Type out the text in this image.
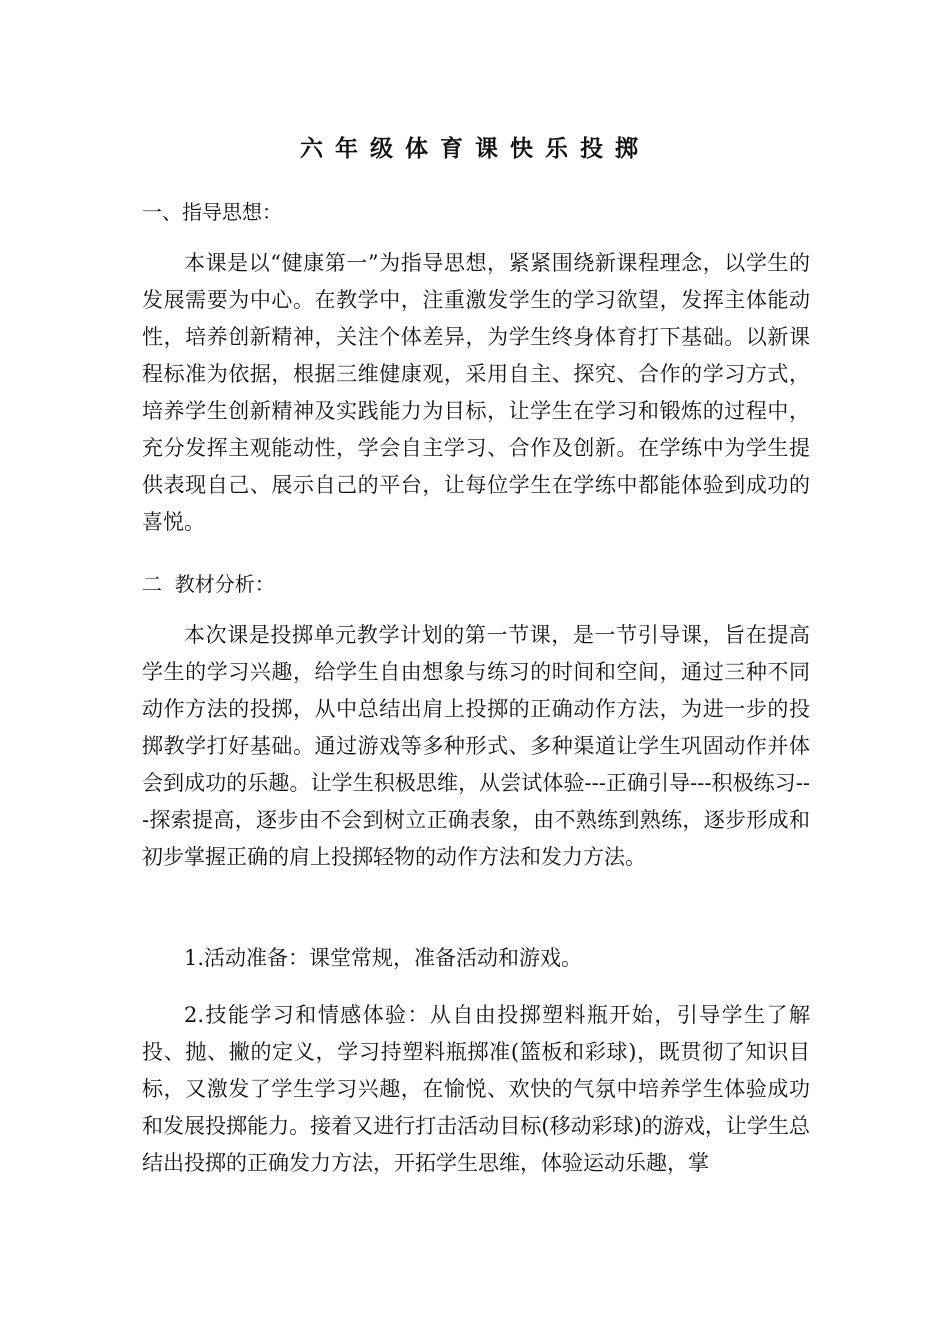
六年级体育课快乐投掷
一、指导思想：

本课是以“健康第一”为指导思想，紧紧围绕新课程理念，以学生的发展需要为中心。在教学中，注重激发学生的学习欲望，发挥主体能动性，培养创新精神，关注个体差异，为学生终身体育打下基础。以新课程标准为依据，根据三维健康观，采用自主、探究、合作的学习方式，培养学生创新精神及实践能力为目标，让学生在学习和锻炼的过程中，充分发挥主观能动性，学会自主学习、合作及创新。在学练中为学生提供表现自己、展示自己的平台，让每位学生在学练中都能体验到成功的喜悦。

二  教材分析：

本次课是投掷单元教学计划的第一节课，是一节引导课，旨在提高学生的学习兴趣，给学生自由想象与练习的时间和空间，通过三种不同动作方法的投掷，从中总结出肩上投掷的正确动作方法，为进一步的投掷教学打好基础。通过游戏等多种形式、多种渠道让学生巩固动作并体会到成功的乐趣。让学生积极思维，从尝试体验---正确引导---积极练习---探索提高，逐步由不会到树立正确表象，由不熟练到熟练，逐步形成和初步掌握正确的肩上投掷轻物的动作方法和发力方法。

1.活动准备：课堂常规，准备活动和游戏。

2.技能学习和情感体验：从自由投掷塑料瓶开始，引导学生了解投、抛、撇的定义，学习持塑料瓶掷准(篮板和彩球)，既贯彻了知识目标，又激发了学生学习兴趣，在愉悦、欢快的气氛中培养学生体验成功和发展投掷能力。接着又进行打击活动目标(移动彩球)的游戏，让学生总结出投掷的正确发力方法，开拓学生思维，体验运动乐趣，掌
